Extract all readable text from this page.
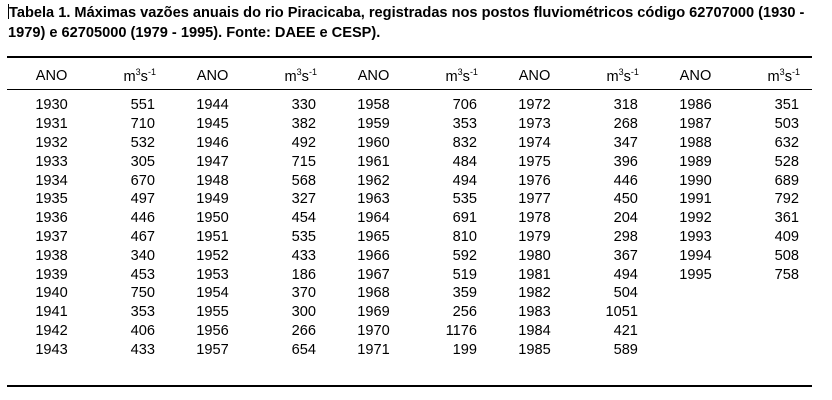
Tabela 1. Máximas vazões anuais do rio Piracicaba, registradas nos postos fluviométricos código 62707000 (1930 - 1979) e 62705000 (1979 - 1995). Fonte: DAEE e CESP).
ANO	$m^3s^{-1}$	ANO	$m^3s^{-1}$	ANO	$m^3s^{-1}$	ANO	$m^3s^{-1}$	ANO	$m^3s^{-1}$

1930	551	1944	330	1958	706	1972	318	1986	351
1931	710	1945	382	1959	353	1973	268	1987	503
1932	532	1946	492	1960	832	1974	347	1988	632
1933	305	1947	715	1961	484	1975	396	1989	528
1934	670	1948	568	1962	494	1976	446	1990	689
1935	497	1949	327	1963	535	1977	450	1991	792
1936	446	1950	454	1964	691	1978	204	1992	361
1937	467	1951	535	1965	810	1979	298	1993	409
1938	340	1952	433	1966	592	1980	367	1994	508
1939	453	1953	186	1967	519	1981	494	1995	758
1940	750	1954	370	1968	359	1982	504		
1941	353	1955	300	1969	256	1983	1051		
1942	406	1956	266	1970	1176	1984	421		
1943	433	1957	654	1971	199	1985	589		
